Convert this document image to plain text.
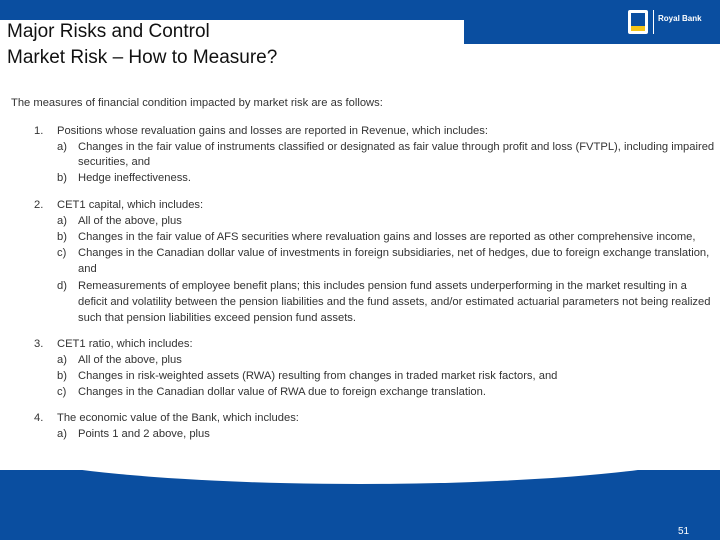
Major Risks and Control
Market Risk – How to Measure?
Royal Bank
The measures of financial condition impacted by market risk are as follows:
1. Positions whose revaluation gains and losses are reported in Revenue, which includes:
a) Changes in the fair value of instruments classified or designated as fair value through profit and loss (FVTPL), including impaired
securities, and
b) Hedge ineffectiveness.
2. CET1 capital, which includes:
a) All of the above, plus
b) Changes in the fair value of AFS securities where revaluation gains and losses are reported as other comprehensive income,
c) Changes in the Canadian dollar value of investments in foreign subsidiaries, net of hedges, due to foreign exchange translation,
and
d) Remeasurements of employee benefit plans; this includes pension fund assets underperforming in the market resulting in a
deficit and volatility between the pension liabilities and the fund assets, and/or estimated actuarial parameters not being realized
such that pension liabilities exceed pension fund assets.
3. CET1 ratio, which includes:
a) All of the above, plus
b) Changes in risk-weighted assets (RWA) resulting from changes in traded market risk factors, and
c) Changes in the Canadian dollar value of RWA due to foreign exchange translation.
4. The economic value of the Bank, which includes:
a) Points 1 and 2 above, plus
51
